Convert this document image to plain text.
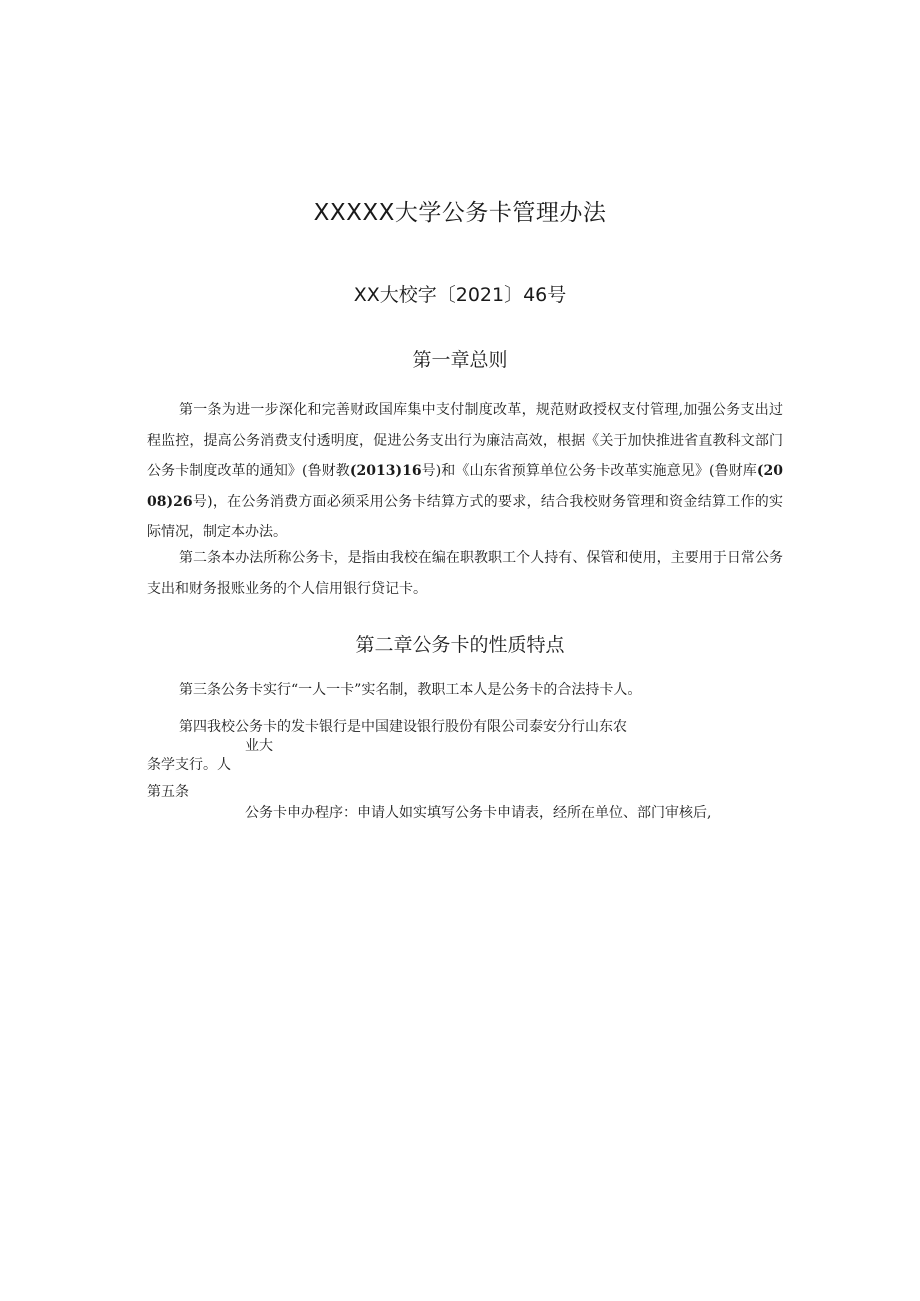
XXXXX大学公务卡管理办法
XX大校字〔2021〕46号
第一章总则

第一条为进一步深化和完善财政国库集中支付制度改革，规范财政授权支付管理,加强公务支出过程监控，提高公务消费支付透明度，促进公务支出行为廉洁高效，根据《关于加快推进省直教科文部门公务卡制度改革的通知》(鲁财教(2013)16号)和《山东省预算单位公务卡改革实施意见》(鲁财库(2008)26号)，在公务消费方面必须采用公务卡结算方式的要求，结合我校财务管理和资金结算工作的实际情况，制定本办法。

第二条本办法所称公务卡，是指由我校在编在职教职工个人持有、保管和使用，主要用于日常公务支出和财务报账业务的个人信用银行贷记卡。

第二章公务卡的性质特点

第三条公务卡实行“一人一卡”实名制，教职工本人是公务卡的合法持卡人。

第四我校公务卡的发卡银行是中国建设银行股份有限公司泰安分行山东农
业大
条学支行。人
第五条
公务卡申办程序：申请人如实填写公务卡申请表，经所在单位、部门审核后,
